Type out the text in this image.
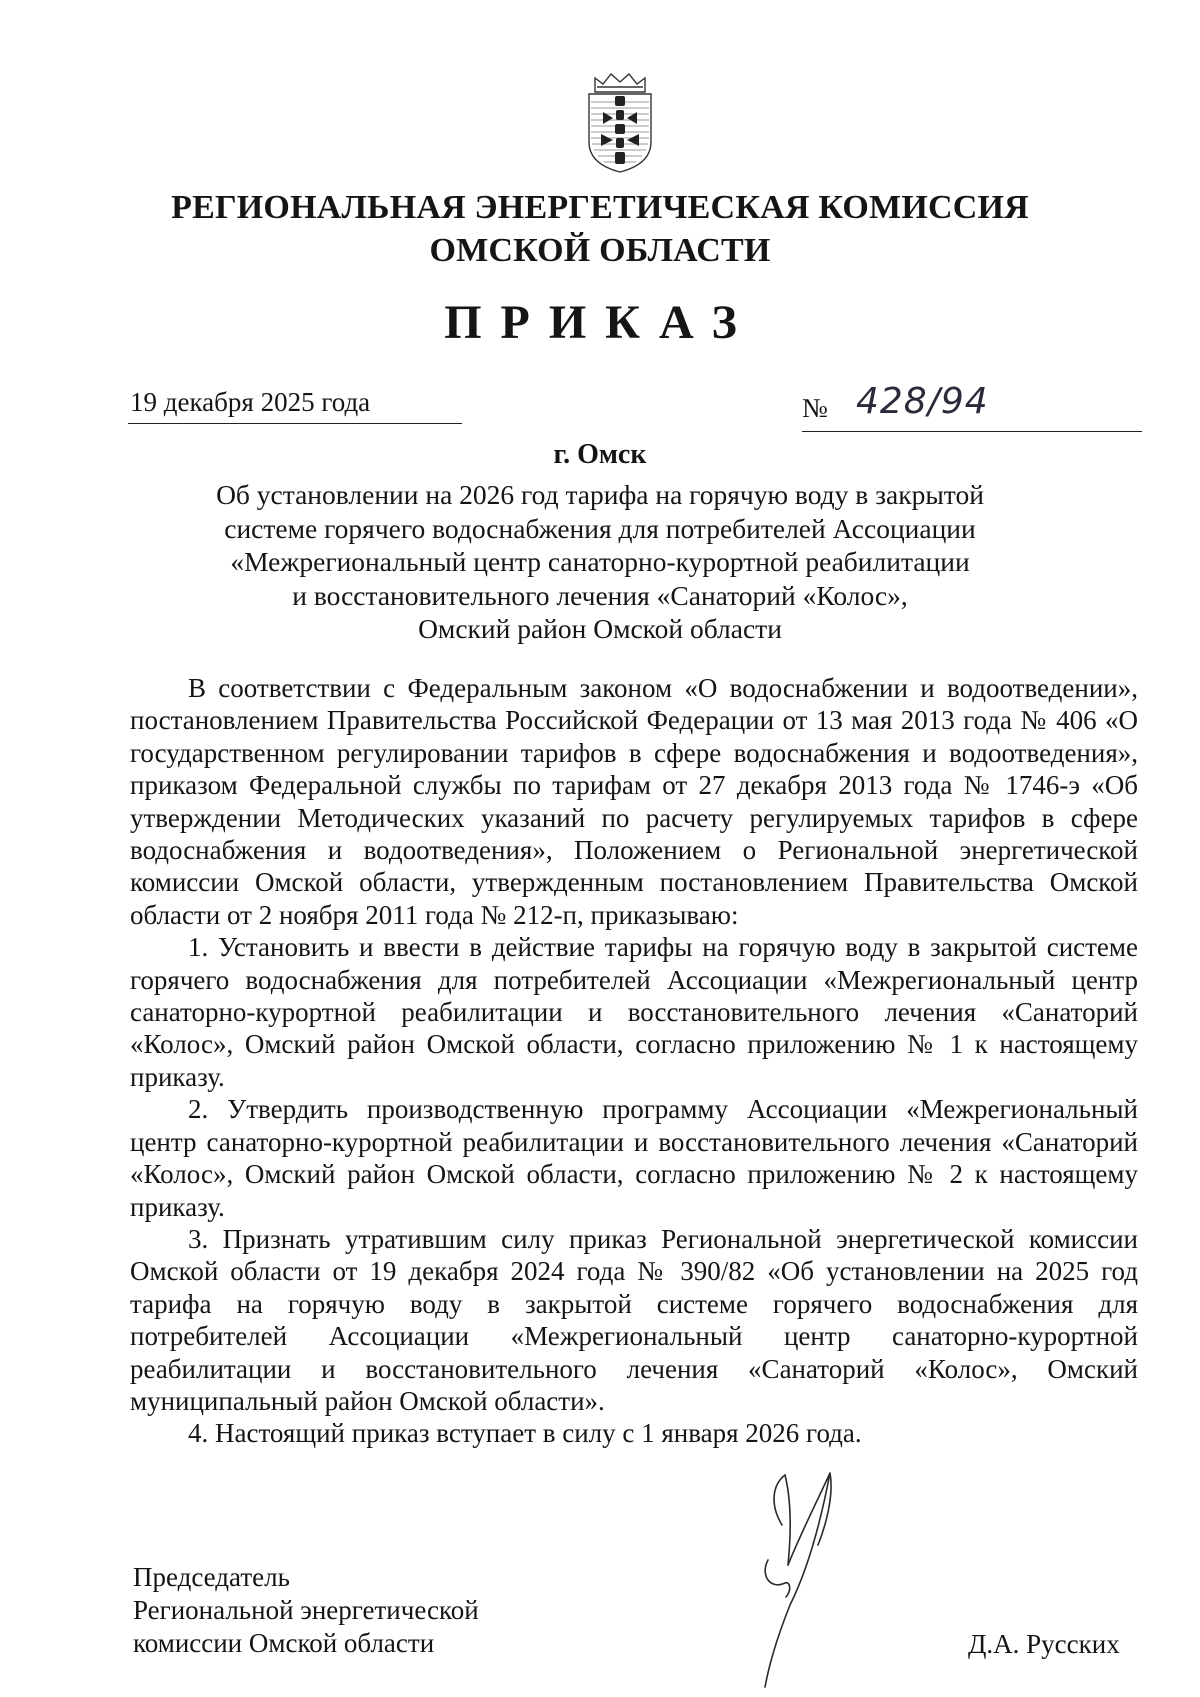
РЕГИОНАЛЬНАЯ ЭНЕРГЕТИЧЕСКАЯ КОМИССИЯ
ОМСКОЙ ОБЛАСТИ
ПРИКАЗ
19 декабря 2025 года	№ 428/94
г. Омск
Об установлении на 2026 год тарифа на горячую воду в закрытой
системе горячего водоснабжения для потребителей Ассоциации
«Межрегиональный центр санаторно-курортной реабилитации
и восстановительного лечения «Санаторий «Колос»,
Омский район Омской области

В соответствии с Федеральным законом «О водоснабжении и водоотведении», постановлением Правительства Российской Федерации от 13 мая 2013 года № 406 «О государственном регулировании тарифов в сфере водоснабжения и водоотведения», приказом Федеральной службы по тарифам от 27 декабря 2013 года № 1746-э «Об утверждении Методических указаний по расчету регулируемых тарифов в сфере водоснабжения и водоотведения», Положением о Региональной энергетической комиссии Омской области, утвержденным постановлением Правительства Омской области от 2 ноября 2011 года № 212-п, приказываю:

1. Установить и ввести в действие тарифы на горячую воду в закрытой системе горячего водоснабжения для потребителей Ассоциации «Межрегиональный центр санаторно-курортной реабилитации и восстановительного лечения «Санаторий «Колос», Омский район Омской области, согласно приложению № 1 к настоящему приказу.

2. Утвердить производственную программу Ассоциации «Межрегиональный центр санаторно-курортной реабилитации и восстановительного лечения «Санаторий «Колос», Омский район Омской области, согласно приложению № 2 к настоящему приказу.

3. Признать утратившим силу приказ Региональной энергетической комиссии Омской области от 19 декабря 2024 года № 390/82 «Об установлении на 2025 год тарифа на горячую воду в закрытой системе горячего водоснабжения для потребителей Ассоциации «Межрегиональный центр санаторно-курортной реабилитации и восстановительного лечения «Санаторий «Колос», Омский муниципальный район Омской области».

4. Настоящий приказ вступает в силу с 1 января 2026 года.

Председатель
Региональной энергетической
комиссии Омской области	Д.А. Русских
